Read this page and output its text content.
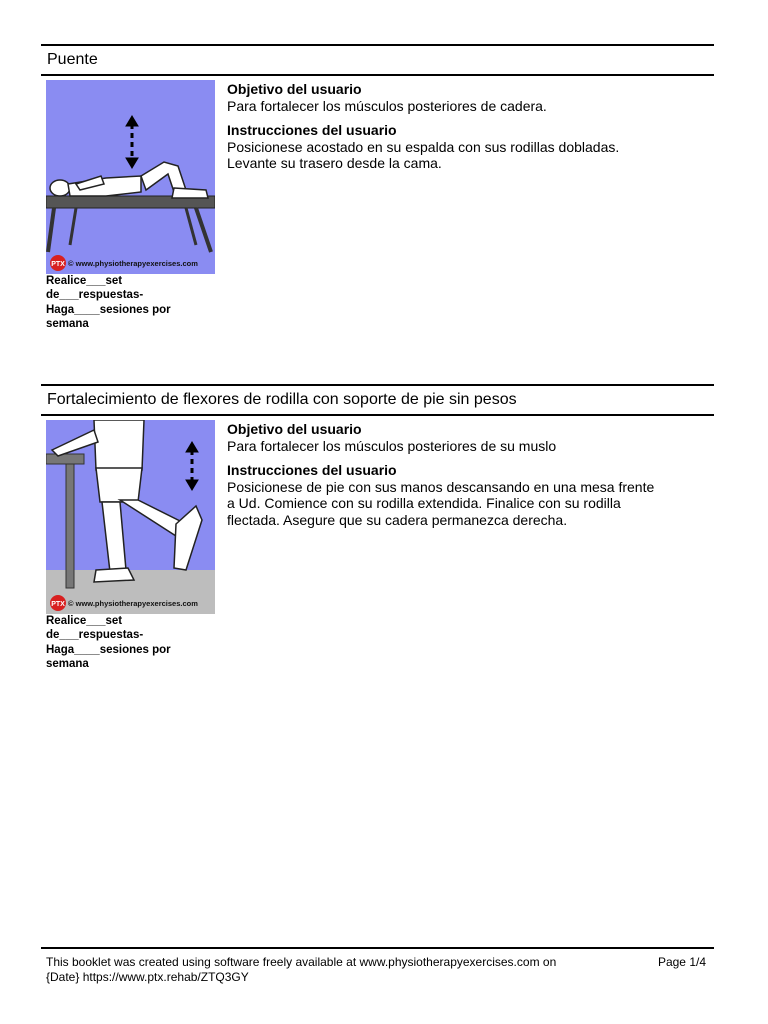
Puente
PTX © www.physiotherapyexercises.com
Realice___set
de___respuestas-
Haga____sesiones por
semana
Objetivo del usuario
Para fortalecer los músculos posteriores de cadera.
Instrucciones del usuario
Posicionese acostado en su espalda con sus rodillas dobladas.
Levante su trasero desde la cama.
Fortalecimiento de flexores de rodilla con soporte de pie sin pesos
PTX © www.physiotherapyexercises.com
Realice___set
de___respuestas-
Haga____sesiones por
semana
Objetivo del usuario
Para fortalecer los músculos posteriores de su muslo
Instrucciones del usuario
Posicionese de pie con sus manos descansando en una mesa frente
a Ud. Comience con su rodilla extendida. Finalice con su rodilla
flectada. Asegure que su cadera permanezca derecha.
This booklet was created using software freely available at www.physiotherapyexercises.com on
{Date} https://www.ptx.rehab/ZTQ3GY
Page 1/4
